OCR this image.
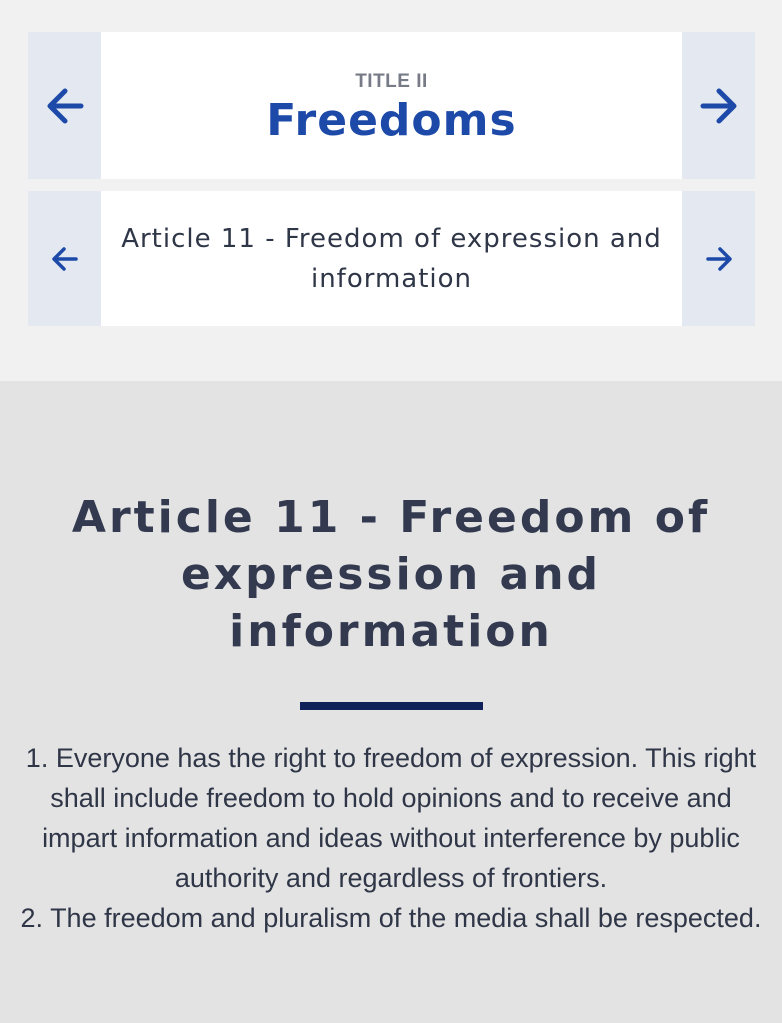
TITLE II
Freedoms
Article 11 - Freedom of expression and information
Article 11 - Freedom of expression and information

1. Everyone has the right to freedom of expression. This right shall include freedom to hold opinions and to receive and impart information and ideas without interference by public authority and regardless of frontiers.

2. The freedom and pluralism of the media shall be respected.
